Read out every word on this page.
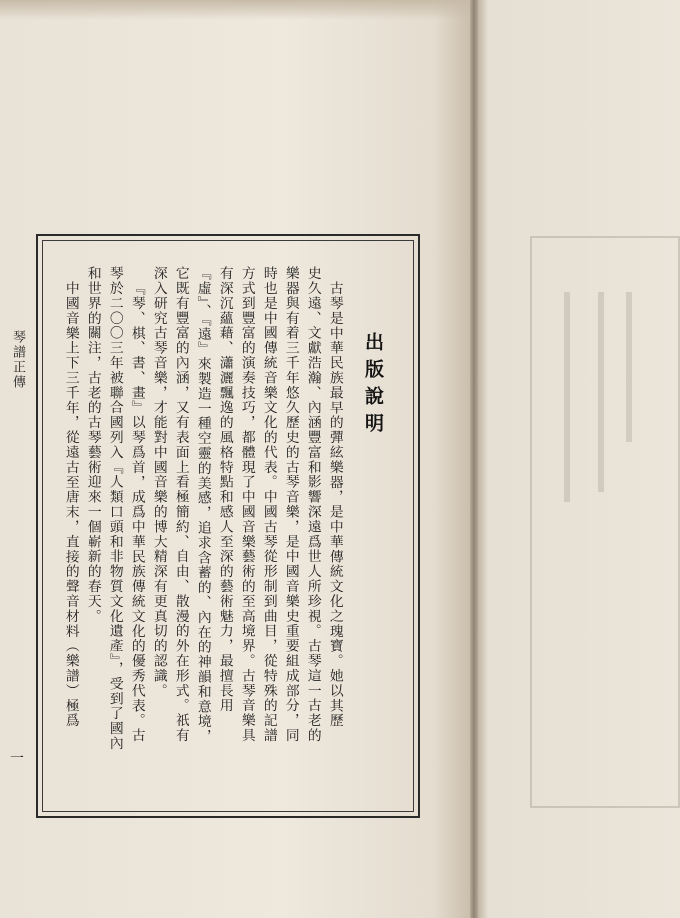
琴譜正傳
一
出版說明
古琴是中華民族最早的彈絃樂器，是中華傳統文化之瑰寶。她以其歷
史久遠、文獻浩瀚、內涵豐富和影響深遠爲世人所珍視。古琴這一古老的
樂器與有着三千年悠久歷史的古琴音樂，是中國音樂史重要組成部分，同
時也是中國傳統音樂文化的代表。中國古琴從形制到曲目，從特殊的記譜
方式到豐富的演奏技巧，都體現了中國音樂藝術的至高境界。古琴音樂具
有深沉蘊藉、瀟灑飄逸的風格特點和感人至深的藝術魅力，最擅長用
『虛』、『遠』來製造一種空靈的美感，追求含蓄的、內在的神韻和意境，
它既有豐富的內涵，又有表面上看極簡約、自由、散漫的外在形式。祇有
深入研究古琴音樂，才能對中國音樂的博大精深有更真切的認識。
『琴、棋、書、畫』以琴爲首，成爲中華民族傳統文化的優秀代表。古
琴於二〇〇三年被聯合國列入『人類口頭和非物質文化遺產』，受到了國內
和世界的關注，古老的古琴藝術迎來一個嶄新的春天。
中國音樂上下三千年，從遠古至唐末，直接的聲音材料（樂譜）極爲
